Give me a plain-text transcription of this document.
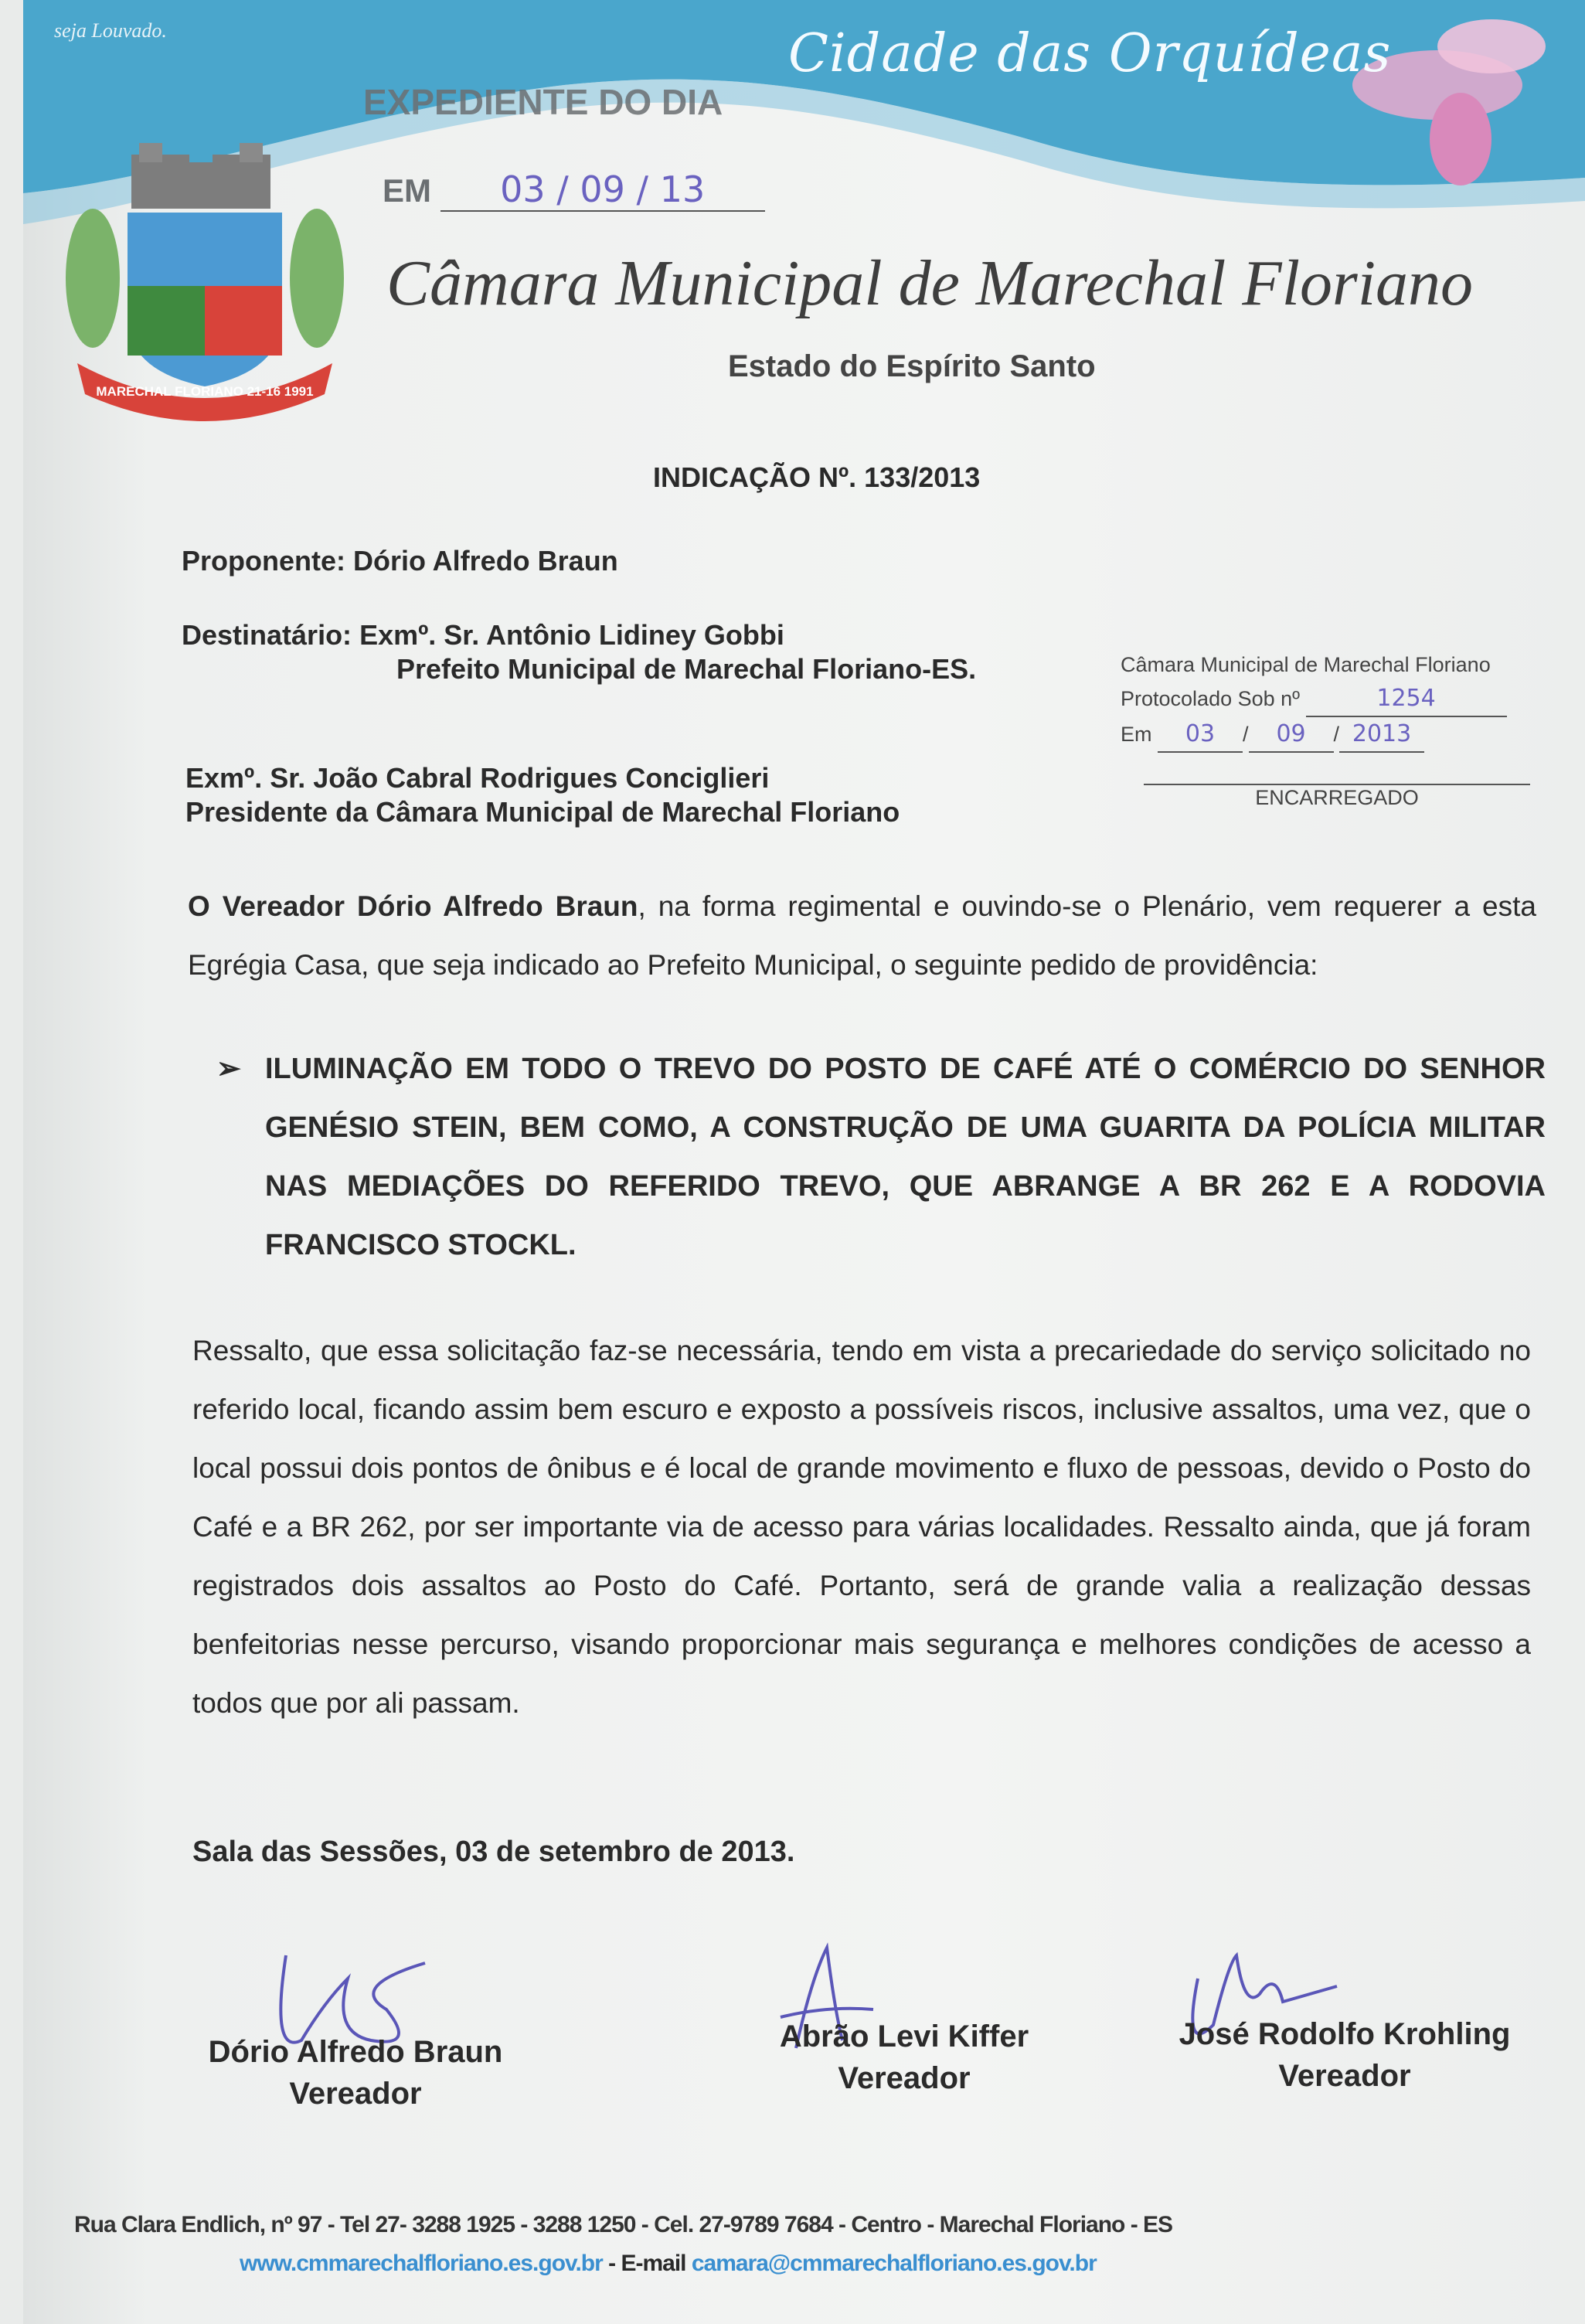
seja Louvado.	Cidade das Orquídeas
MARECHAL FLORIANO 21-16 1991
EXPEDIENTE DO DIA
EM 03 / 09 / 13
Câmara Municipal de Marechal Floriano
Estado do Espírito Santo
INDICAÇÃO Nº. 133/2013
Proponente: Dório Alfredo Braun
Destinatário: Exmº. Sr. Antônio Lidiney Gobbi
Prefeito Municipal de Marechal Floriano-ES.
Exmº. Sr. João Cabral Rodrigues Conciglieri
Presidente da Câmara Municipal de Marechal Floriano
Câmara Municipal de Marechal Floriano
Protocolado Sob nº	1254
Em 03 / 09 / 2013
ENCARREGADO
O Vereador Dório Alfredo Braun, na forma regimental e ouvindo-se o Plenário, vem requerer a esta Egrégia Casa, que seja indicado ao Prefeito Municipal, o seguinte pedido de providência:
➢ ILUMINAÇÃO EM TODO O TREVO DO POSTO DE CAFÉ ATÉ O COMÉRCIO DO SENHOR GENÉSIO STEIN, BEM COMO, A CONSTRUÇÃO DE UMA GUARITA DA POLÍCIA MILITAR NAS MEDIAÇÕES DO REFERIDO TREVO, QUE ABRANGE A BR 262 E A RODOVIA FRANCISCO STOCKL.
Ressalto, que essa solicitação faz-se necessária, tendo em vista a precariedade do serviço solicitado no referido local, ficando assim bem escuro e exposto a possíveis riscos, inclusive assaltos, uma vez, que o local possui dois pontos de ônibus e é local de grande movimento e fluxo de pessoas, devido o Posto do Café e a BR 262, por ser importante via de acesso para várias localidades. Ressalto ainda, que já foram registrados dois assaltos ao Posto do Café. Portanto, será de grande valia a realização dessas benfeitorias nesse percurso, visando proporcionar mais segurança e melhores condições de acesso a todos que por ali passam.
Sala das Sessões, 03 de setembro de 2013.
Dório Alfredo Braun
Vereador
Abrão Levi Kiffer
Vereador
José Rodolfo Krohling
Vereador
Rua Clara Endlich, nº 97 - Tel 27- 3288 1925 - 3288 1250 - Cel. 27-9789 7684 - Centro - Marechal Floriano - ES
www.cmmarechalfloriano.es.gov.br - E-mail camara@cmmarechalfloriano.es.gov.br
